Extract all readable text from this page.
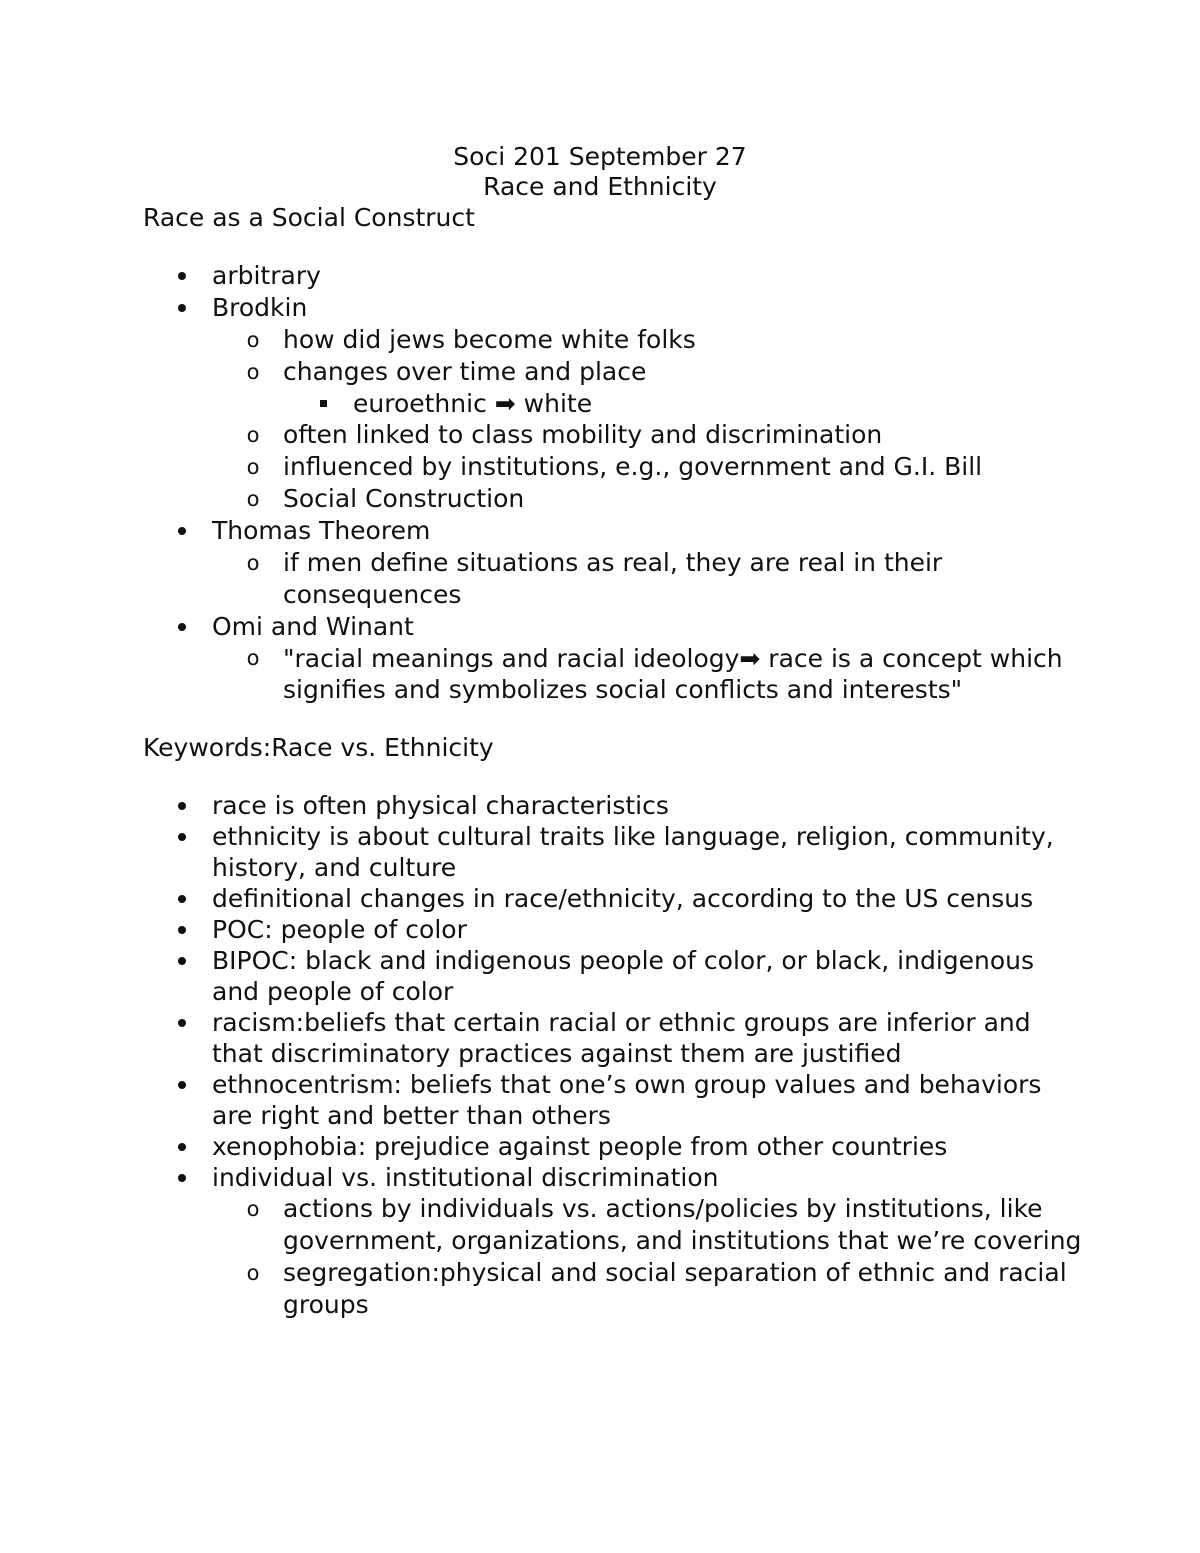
Soci 201 September 27
Race and Ethnicity
Race as a Social Construct
arbitrary
Brodkin
o how did jews become white folks
o changes over time and place
euroethnic ➡ white
o often linked to class mobility and discrimination
o influenced by institutions, e.g., government and G.I. Bill
o Social Construction
Thomas Theorem
o if men define situations as real, they are real in their consequences
Omi and Winant
o "racial meanings and racial ideology➡ race is a concept which signifies and symbolizes social conflicts and interests"
Keywords:Race vs. Ethnicity
race is often physical characteristics
ethnicity is about cultural traits like language, religion, community, history, and culture
definitional changes in race/ethnicity, according to the US census
POC: people of color
BIPOC: black and indigenous people of color, or black, indigenous and people of color
racism:beliefs that certain racial or ethnic groups are inferior and that discriminatory practices against them are justified
ethnocentrism: beliefs that one’s own group values and behaviors are right and better than others
xenophobia: prejudice against people from other countries
individual vs. institutional discrimination
o actions by individuals vs. actions/policies by institutions, like government, organizations, and institutions that we’re covering
o segregation:physical and social separation of ethnic and racial groups
